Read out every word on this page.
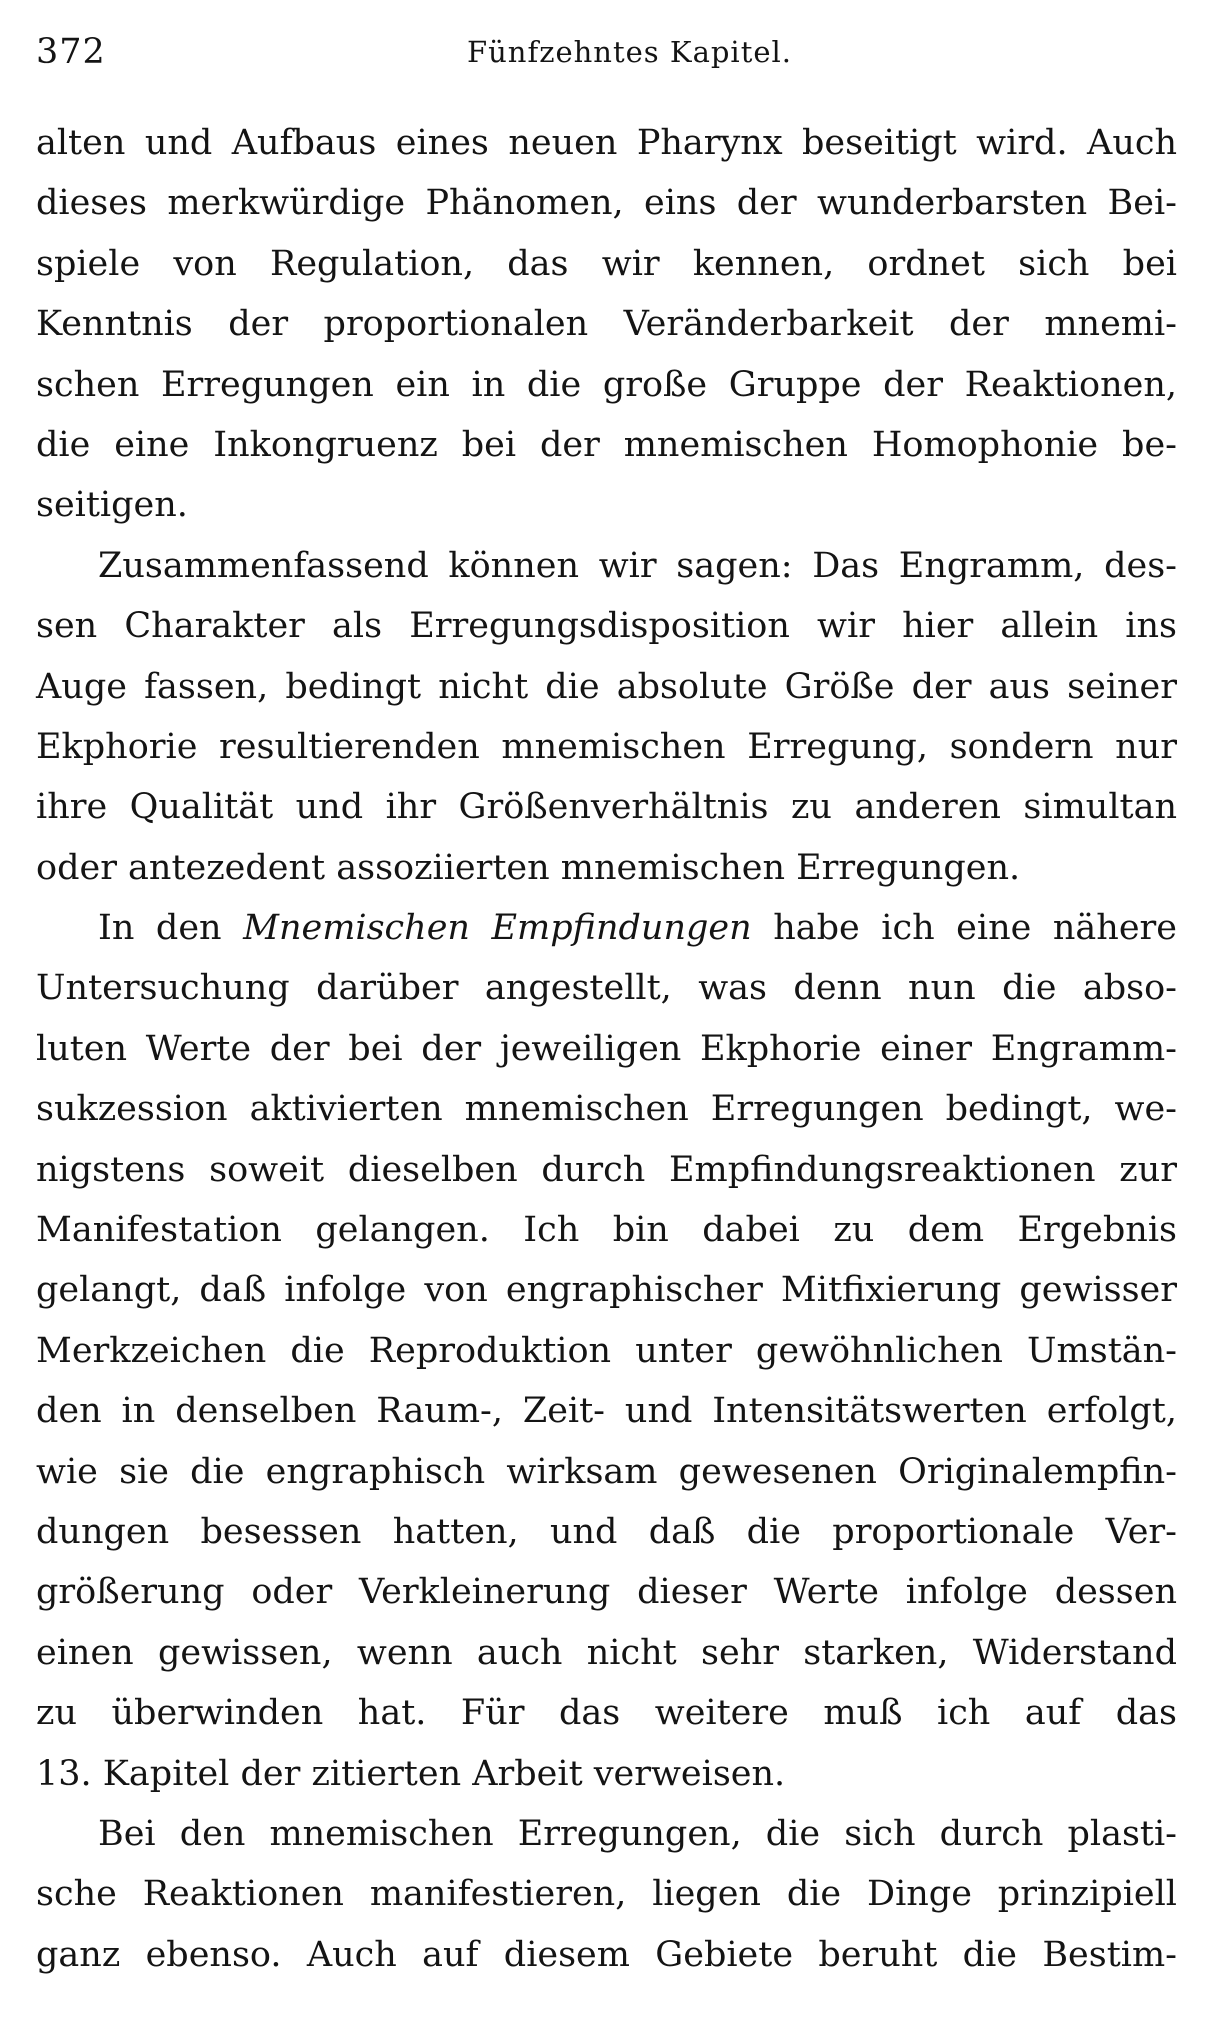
372	Fünfzehntes Kapitel.
alten und Aufbaus eines neuen Pharynx beseitigt wird. Auch
dieses merkwürdige Phänomen, eins der wunderbarsten Bei-
spiele von Regulation, das wir kennen, ordnet sich bei
Kenntnis der proportionalen Veränderbarkeit der mnemi-
schen Erregungen ein in die große Gruppe der Reaktionen,
die eine Inkongruenz bei der mnemischen Homophonie be-
seitigen.
Zusammenfassend können wir sagen: Das Engramm, des-
sen Charakter als Erregungsdisposition wir hier allein ins
Auge fassen, bedingt nicht die absolute Größe der aus seiner
Ekphorie resultierenden mnemischen Erregung, sondern nur
ihre Qualität und ihr Größenverhältnis zu anderen simultan
oder antezedent assoziierten mnemischen Erregungen.
In den Mnemischen Empfindungen habe ich eine nähere
Untersuchung darüber angestellt, was denn nun die abso-
luten Werte der bei der jeweiligen Ekphorie einer Engramm-
sukzession aktivierten mnemischen Erregungen bedingt, we-
nigstens soweit dieselben durch Empfindungsreaktionen zur
Manifestation gelangen. Ich bin dabei zu dem Ergebnis
gelangt, daß infolge von engraphischer Mitfixierung gewisser
Merkzeichen die Reproduktion unter gewöhnlichen Umstän-
den in denselben Raum-, Zeit- und Intensitätswerten erfolgt,
wie sie die engraphisch wirksam gewesenen Originalempfin-
dungen besessen hatten, und daß die proportionale Ver-
größerung oder Verkleinerung dieser Werte infolge dessen
einen gewissen, wenn auch nicht sehr starken, Widerstand
zu überwinden hat. Für das weitere muß ich auf das
13. Kapitel der zitierten Arbeit verweisen.
Bei den mnemischen Erregungen, die sich durch plasti-
sche Reaktionen manifestieren, liegen die Dinge prinzipiell
ganz ebenso. Auch auf diesem Gebiete beruht die Bestim-
